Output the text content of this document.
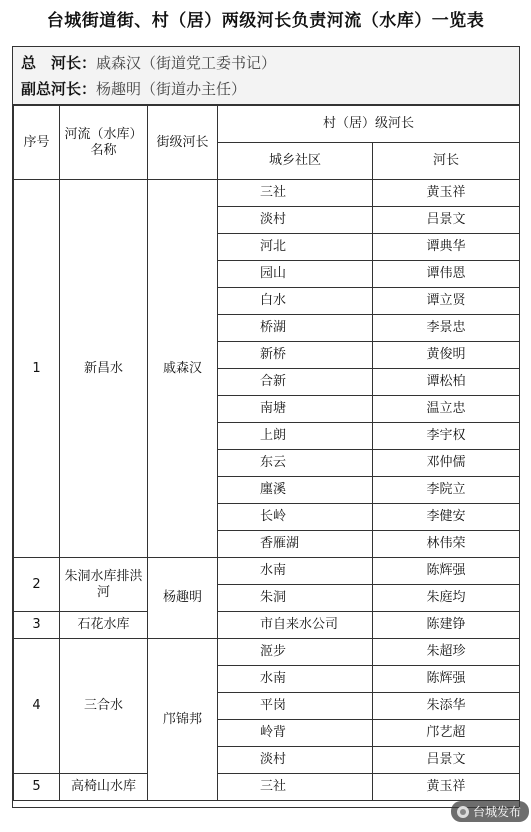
台城街道街、村（居）两级河长负责河流（水库）一览表
总　河长：戚森汉（街道党工委书记）
副总河长：杨趣明（街道办主任）
序号	河流（水库）名称	街级河长	村（居）级河长	
			城乡社区	河长
1	新昌水	戚森汉	三社	黄玉祥
			淡村	吕景文
			河北	谭典华
			园山	谭伟恩
			白水	谭立贤
			桥湖	李景忠
			新桥	黄俊明
			合新	谭松柏
			南塘	温立忠
			上朗	李宇权
			东云	邓仲儒
			廛溪	李院立
			长岭	李健安
			香雁湖	林伟荣
2	朱洞水库排洪河	杨趣明	水南	陈辉强
			朱洞	朱庭均
3	石花水库		市自来水公司	陈建铮
4	三合水	邝锦邦	洍步	朱超珍
			水南	陈辉强
			平岗	朱添华
			岭背	邝艺超
			淡村	吕景文
5	高椅山水库		三社	黄玉祥
台城发布
